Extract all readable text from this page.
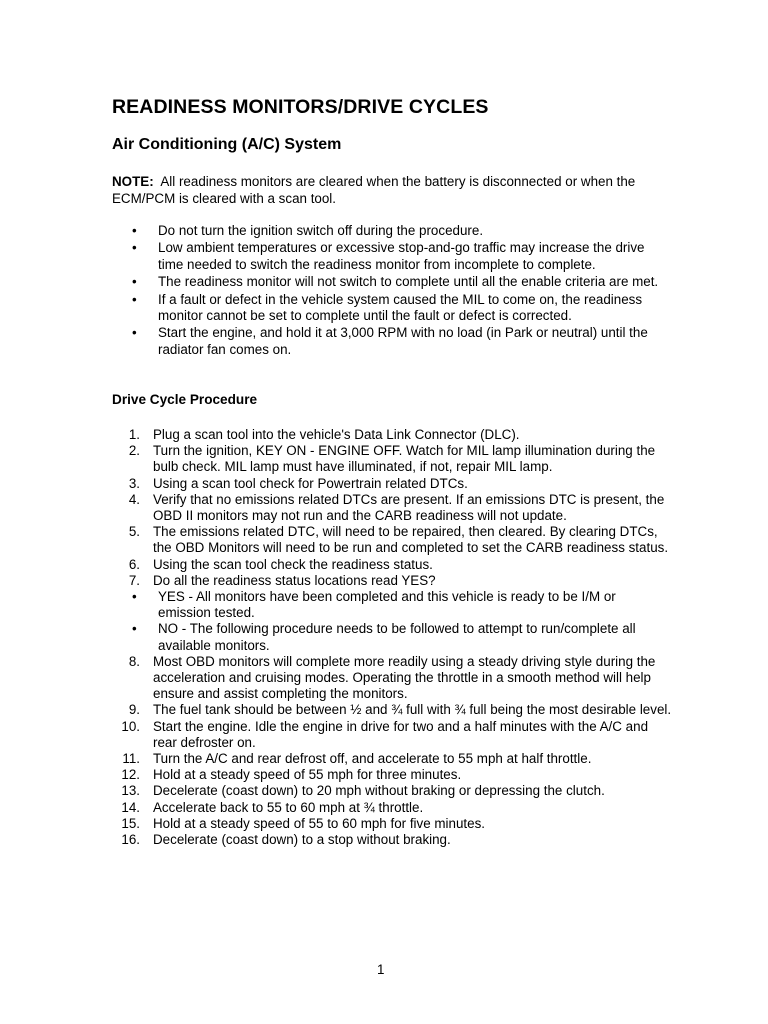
READINESS MONITORS/DRIVE CYCLES
Air Conditioning (A/C) System
NOTE: All readiness monitors are cleared when the battery is disconnected or when the ECM/PCM is cleared with a scan tool.
• Do not turn the ignition switch off during the procedure.
• Low ambient temperatures or excessive stop-and-go traffic may increase the drive time needed to switch the readiness monitor from incomplete to complete.
• The readiness monitor will not switch to complete until all the enable criteria are met.
• If a fault or defect in the vehicle system caused the MIL to come on, the readiness monitor cannot be set to complete until the fault or defect is corrected.
• Start the engine, and hold it at 3,000 RPM with no load (in Park or neutral) until the radiator fan comes on.
Drive Cycle Procedure
1. Plug a scan tool into the vehicle's Data Link Connector (DLC).
2. Turn the ignition, KEY ON - ENGINE OFF. Watch for MIL lamp illumination during the bulb check. MIL lamp must have illuminated, if not, repair MIL lamp.
3. Using a scan tool check for Powertrain related DTCs.
4. Verify that no emissions related DTCs are present. If an emissions DTC is present, the OBD II monitors may not run and the CARB readiness will not update.
5. The emissions related DTC, will need to be repaired, then cleared. By clearing DTCs, the OBD Monitors will need to be run and completed to set the CARB readiness status.
6. Using the scan tool check the readiness status.
7. Do all the readiness status locations read YES?
• YES - All monitors have been completed and this vehicle is ready to be I/M or emission tested.
• NO - The following procedure needs to be followed to attempt to run/complete all available monitors.
8. Most OBD monitors will complete more readily using a steady driving style during the acceleration and cruising modes. Operating the throttle in a smooth method will help ensure and assist completing the monitors.
9. The fuel tank should be between ½ and ¾ full with ¾ full being the most desirable level.
10. Start the engine. Idle the engine in drive for two and a half minutes with the A/C and rear defroster on.
11. Turn the A/C and rear defrost off, and accelerate to 55 mph at half throttle.
12. Hold at a steady speed of 55 mph for three minutes.
13. Decelerate (coast down) to 20 mph without braking or depressing the clutch.
14. Accelerate back to 55 to 60 mph at ¾ throttle.
15. Hold at a steady speed of 55 to 60 mph for five minutes.
16. Decelerate (coast down) to a stop without braking.
1
